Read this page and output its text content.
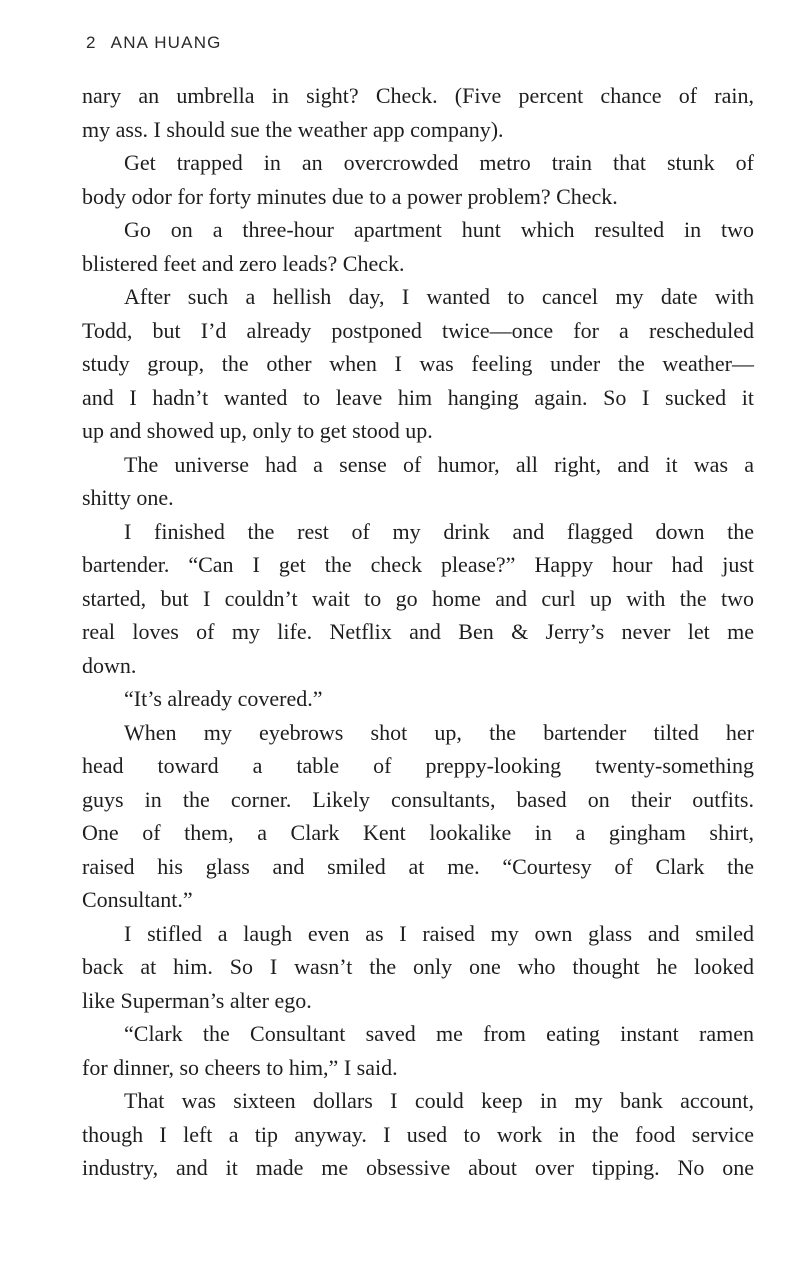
2 ANA HUANG
nary an umbrella in sight? Check. (Five percent chance of rain,
my ass. I should sue the weather app company).
Get trapped in an overcrowded metro train that stunk of
body odor for forty minutes due to a power problem? Check.
Go on a three-hour apartment hunt which resulted in two
blistered feet and zero leads? Check.
After such a hellish day, I wanted to cancel my date with
Todd, but I’d already postponed twice—once for a rescheduled
study group, the other when I was feeling under the weather—
and I hadn’t wanted to leave him hanging again. So I sucked it
up and showed up, only to get stood up.
The universe had a sense of humor, all right, and it was a
shitty one.
I finished the rest of my drink and flagged down the
bartender. “Can I get the check please?” Happy hour had just
started, but I couldn’t wait to go home and curl up with the two
real loves of my life. Netflix and Ben & Jerry’s never let me
down.
“It’s already covered.”
When my eyebrows shot up, the bartender tilted her
head toward a table of preppy-looking twenty-something
guys in the corner. Likely consultants, based on their outfits.
One of them, a Clark Kent lookalike in a gingham shirt,
raised his glass and smiled at me. “Courtesy of Clark the
Consultant.”
I stifled a laugh even as I raised my own glass and smiled
back at him. So I wasn’t the only one who thought he looked
like Superman’s alter ego.
“Clark the Consultant saved me from eating instant ramen
for dinner, so cheers to him,” I said.
That was sixteen dollars I could keep in my bank account,
though I left a tip anyway. I used to work in the food service
industry, and it made me obsessive about over tipping. No one
